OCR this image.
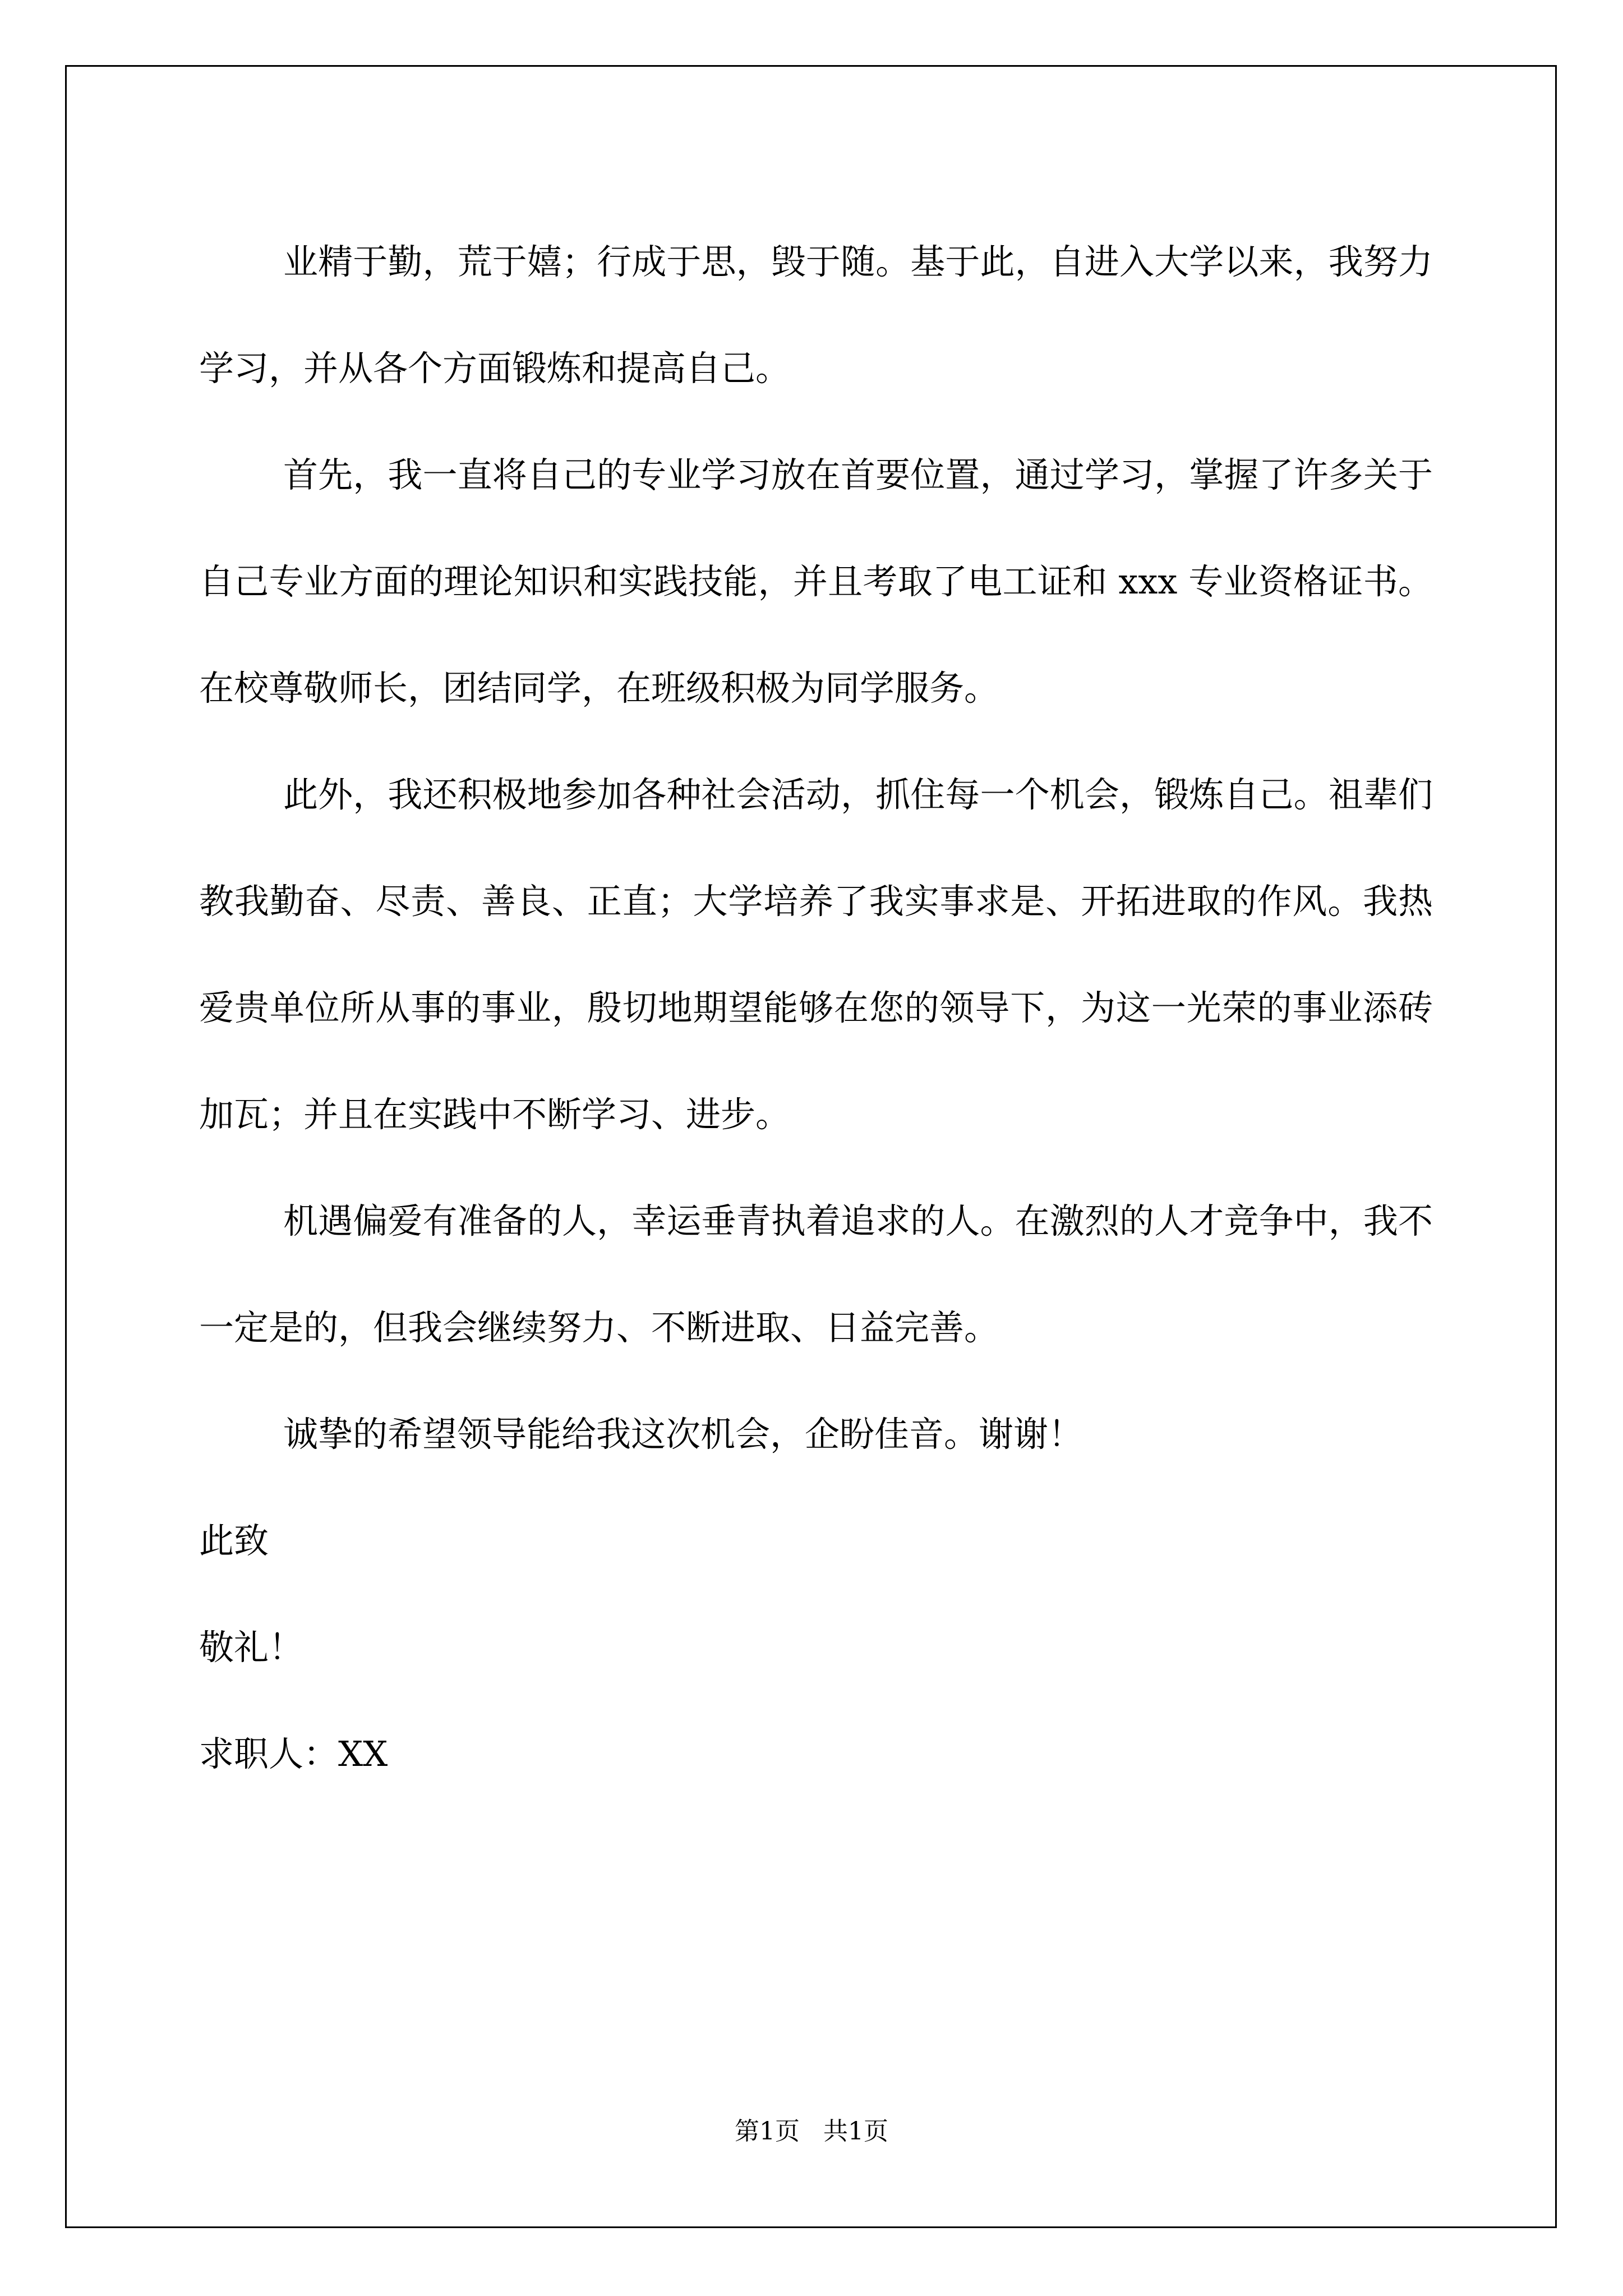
业精于勤，荒于嬉；行成于思，毁于随。基于此，自进入大学以来，我努力学习，并从各个方面锻炼和提高自己。

首先，我一直将自己的专业学习放在首要位置，通过学习，掌握了许多关于自己专业方面的理论知识和实践技能，并且考取了电工证和 xxx 专业资格证书。在校尊敬师长，团结同学，在班级积极为同学服务。

此外，我还积极地参加各种社会活动，抓住每一个机会，锻炼自己。祖辈们教我勤奋、尽责、善良、正直；大学培养了我实事求是、开拓进取的作风。我热爱贵单位所从事的事业，殷切地期望能够在您的领导下，为这一光荣的事业添砖加瓦；并且在实践中不断学习、进步。

机遇偏爱有准备的人，幸运垂青执着追求的人。在激烈的人才竞争中，我不一定是的，但我会继续努力、不断进取、日益完善。

诚挚的希望领导能给我这次机会，企盼佳音。谢谢！

此致

敬礼！

求职人：XX

第1页 共1页
